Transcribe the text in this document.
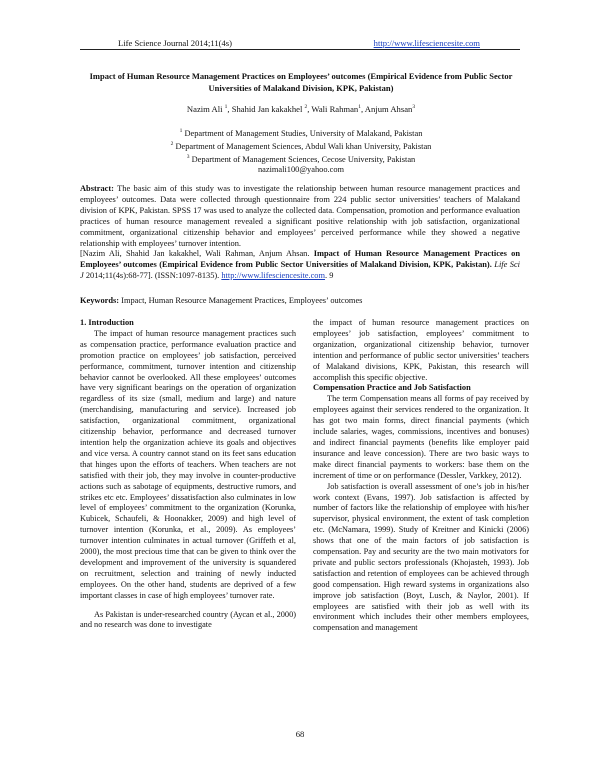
Life Science Journal 2014;11(4s)	http://www.lifesciencesite.com
Impact of Human Resource Management Practices on Employees’ outcomes (Empirical Evidence from Public Sector Universities of Malakand Division, KPK, Pakistan)
Nazim Ali $^1$, Shahid Jan kakakhel $^2$, Wali Rahman$^1$, Anjum Ahsan$^3$
$^1$ Department of Management Studies, University of Malakand, Pakistan
$^2$ Department of Management Sciences, Abdul Wali khan University, Pakistan
$^3$ Department of Management Sciences, Cecose University, Pakistan
nazimali100@yahoo.com
Abstract: The basic aim of this study was to investigate the relationship between human resource management practices and employees’ outcomes. Data were collected through questionnaire from 224 public sector universities’ teachers of Malakand division of KPK, Pakistan. SPSS 17 was used to analyze the collected data. Compensation, promotion and performance evaluation practices of human resource management revealed a significant positive relationship with job satisfaction, organizational commitment, organizational citizenship behavior and employees’ perceived performance while they showed a negative relationship with employees’ turnover intention.
[Nazim Ali, Shahid Jan kakakhel, Wali Rahman, Anjum Ahsan. Impact of Human Resource Management Practices on Employees’ outcomes (Empirical Evidence from Public Sector Universities of Malakand Division, KPK, Pakistan). Life Sci J 2014;11(4s):68-77]. (ISSN:1097-8135). http://www.lifesciencesite.com. 9
Keywords: Impact, Human Resource Management Practices, Employees’ outcomes
1. Introduction

The impact of human resource management practices such as compensation practice, performance evaluation practice and promotion practice on employees’ job satisfaction, perceived performance, commitment, turnover intention and citizenship behavior cannot be overlooked. All these employees’ outcomes have very significant bearings on the operation of organization regardless of its size (small, medium and large) and nature (merchandising, manufacturing and service). Increased job satisfaction, organizational commitment, organizational citizenship behavior, performance and decreased turnover intention help the organization achieve its goals and objectives and vice versa. A country cannot stand on its feet sans education that hinges upon the efforts of teachers. When teachers are not satisfied with their job, they may involve in counter-productive actions such as sabotage of equipments, destructive rumors, and strikes etc etc. Employees’ dissatisfaction also culminates in low level of employees’ commitment to the organization (Korunka, Kubicek, Schaufeli, & Hoonakker, 2009) and high level of turnover intention (Korunka, et al., 2009). As employees’ turnover intention culminates in actual turnover (Griffeth et al, 2000), the most precious time that can be given to think over the development and improvement of the university is squandered on recruitment, selection and training of newly inducted employees. On the other hand, students are deprived of a few important classes in case of high employees’ turnover rate.

As Pakistan is under-researched country (Aycan et al., 2000) and no research was done to investigate

the impact of human resource management practices on employees’ job satisfaction, employees’ commitment to organization, organizational citizenship behavior, turnover intention and performance of public sector universities’ teachers of Malakand divisions, KPK, Pakistan, this research will accomplish this specific objective.

Compensation Practice and Job Satisfaction

The term Compensation means all forms of pay received by employees against their services rendered to the organization. It has got two main forms, direct financial payments (which include salaries, wages, commissions, incentives and bonuses) and indirect financial payments (benefits like employer paid insurance and leave concession). There are two basic ways to make direct financial payments to workers: base them on the increment of time or on performance (Dessler, Varkkey, 2012).

Job satisfaction is overall assessment of one’s job in his/her work context (Evans, 1997). Job satisfaction is affected by number of factors like the relationship of employee with his/her supervisor, physical environment, the extent of task completion etc. (McNamara, 1999). Study of Kreitner and Kinicki (2006) shows that one of the main factors of job satisfaction is compensation. Pay and security are the two main motivators for private and public sectors professionals (Khojasteh, 1993). Job satisfaction and retention of employees can be achieved through good compensation. High reward systems in organizations also improve job satisfaction (Boyt, Lusch, & Naylor, 2001). If employees are satisfied with their job as well with its environment which includes their other members employees, compensation and management

68
